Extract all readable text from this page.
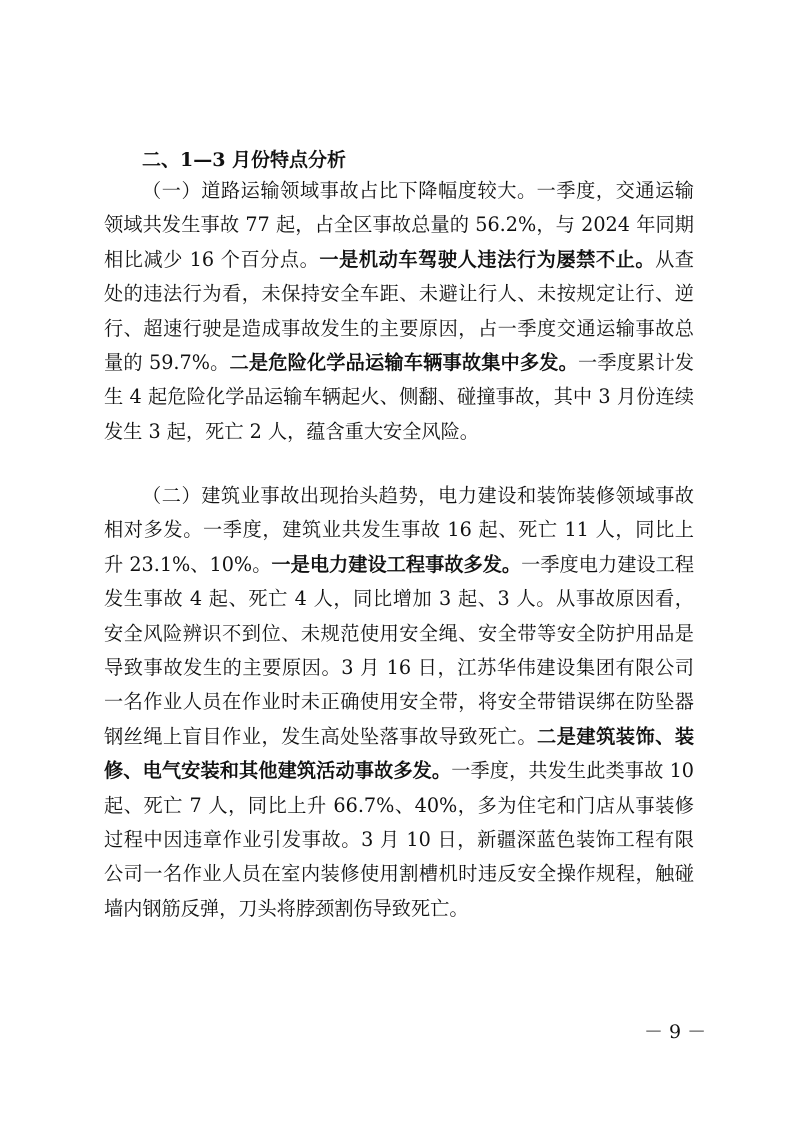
二、1—3 月份特点分析

（一）道路运输领域事故占比下降幅度较大。一季度，交通运输领域共发生事故 77 起，占全区事故总量的 56.2%，与 2024 年同期相比减少 16 个百分点。一是机动车驾驶人违法行为屡禁不止。从查处的违法行为看，未保持安全车距、未避让行人、未按规定让行、逆行、超速行驶是造成事故发生的主要原因，占一季度交通运输事故总量的 59.7%。二是危险化学品运输车辆事故集中多发。一季度累计发生 4 起危险化学品运输车辆起火、侧翻、碰撞事故，其中 3 月份连续发生 3 起，死亡 2 人，蕴含重大安全风险。

（二）建筑业事故出现抬头趋势，电力建设和装饰装修领域事故相对多发。一季度，建筑业共发生事故 16 起、死亡 11 人，同比上升 23.1%、10%。一是电力建设工程事故多发。一季度电力建设工程发生事故 4 起、死亡 4 人，同比增加 3 起、3 人。从事故原因看，安全风险辨识不到位、未规范使用安全绳、安全带等安全防护用品是导致事故发生的主要原因。3 月 16 日，江苏华伟建设集团有限公司一名作业人员在作业时未正确使用安全带，将安全带错误绑在防坠器钢丝绳上盲目作业，发生高处坠落事故导致死亡。二是建筑装饰、装修、电气安装和其他建筑活动事故多发。一季度，共发生此类事故 10 起、死亡 7 人，同比上升 66.7%、40%，多为住宅和门店从事装修过程中因违章作业引发事故。3 月 10 日，新疆深蓝色装饰工程有限公司一名作业人员在室内装修使用割槽机时违反安全操作规程，触碰墙内钢筋反弹，刀头将脖颈割伤导致死亡。

－ 9 －
